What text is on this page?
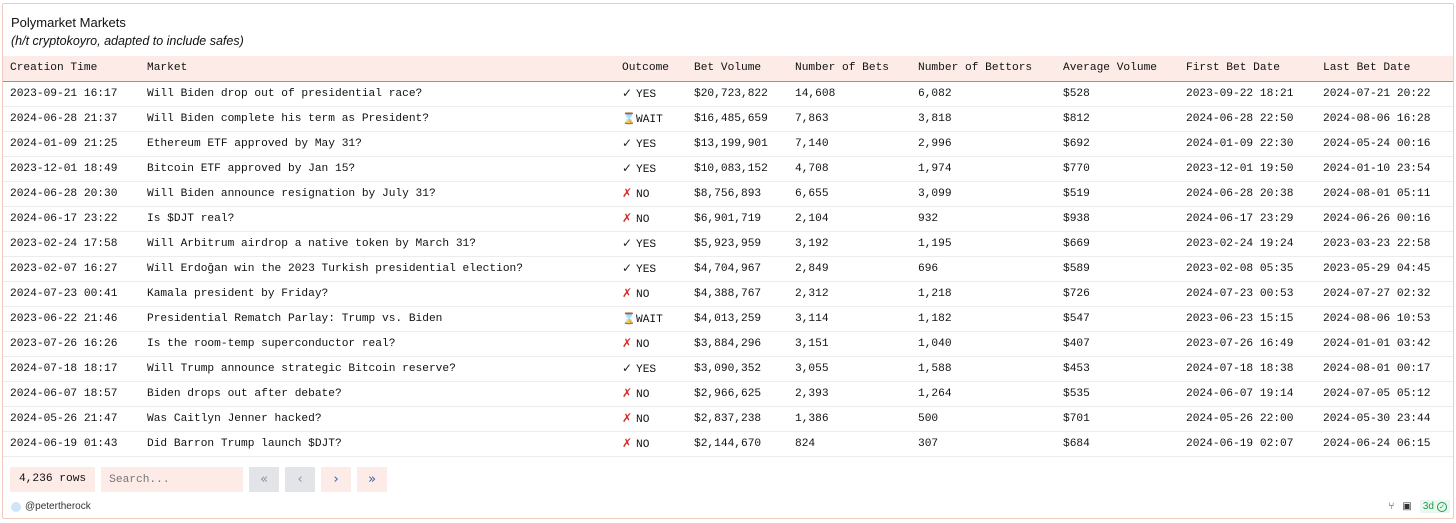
Polymarket Markets
(h/t cryptokoyro, adapted to include safes)
Creation Time	Market	Outcome	Bet Volume	Number of Bets	Number of Bettors	Average Volume	First Bet Date	Last Bet Date
2023-09-21 16:17	Will Biden drop out of presidential race?	✓ YES	$20,723,822	14,608	6,082	$528	2023-09-22 18:21	2024-07-21 20:22
2024-06-28 21:37	Will Biden complete his term as President?	⌛WAIT	$16,485,659	7,863	3,818	$812	2024-06-28 22:50	2024-08-06 16:28
2024-01-09 21:25	Ethereum ETF approved by May 31?	✓ YES	$13,199,901	7,140	2,996	$692	2024-01-09 22:30	2024-05-24 00:16
2023-12-01 18:49	Bitcoin ETF approved by Jan 15?	✓ YES	$10,083,152	4,708	1,974	$770	2023-12-01 19:50	2024-01-10 23:54
2024-06-28 20:30	Will Biden announce resignation by July 31?	✗ NO	$8,756,893	6,655	3,099	$519	2024-06-28 20:38	2024-08-01 05:11
2024-06-17 23:22	Is $DJT real?	✗ NO	$6,901,719	2,104	932	$938	2024-06-17 23:29	2024-06-26 00:16
2023-02-24 17:58	Will Arbitrum airdrop a native token by March 31?	✓ YES	$5,923,959	3,192	1,195	$669	2023-02-24 19:24	2023-03-23 22:58
2023-02-07 16:27	Will Erdoğan win the 2023 Turkish presidential election?	✓ YES	$4,704,967	2,849	696	$589	2023-02-08 05:35	2023-05-29 04:45
2024-07-23 00:41	Kamala president by Friday?	✗ NO	$4,388,767	2,312	1,218	$726	2024-07-23 00:53	2024-07-27 02:32
2023-06-22 21:46	Presidential Rematch Parlay: Trump vs. Biden	⌛WAIT	$4,013,259	3,114	1,182	$547	2023-06-23 15:15	2024-08-06 10:53
2023-07-26 16:26	Is the room-temp superconductor real?	✗ NO	$3,884,296	3,151	1,040	$407	2023-07-26 16:49	2024-01-01 03:42
2024-07-18 18:17	Will Trump announce strategic Bitcoin reserve?	✓ YES	$3,090,352	3,055	1,588	$453	2024-07-18 18:38	2024-08-01 00:17
2024-06-07 18:57	Biden drops out after debate?	✗ NO	$2,966,625	2,393	1,264	$535	2024-06-07 19:14	2024-07-05 05:12
2024-05-26 21:47	Was Caitlyn Jenner hacked?	✗ NO	$2,837,238	1,386	500	$701	2024-05-26 22:00	2024-05-30 23:44
2024-06-19 01:43	Did Barron Trump launch $DJT?	✗ NO	$2,144,670	824	307	$684	2024-06-19 02:07	2024-06-24 06:15
4,236 rows
Search...	« ‹ › »
@petertherock	⑂ ▣ 3d ✓
